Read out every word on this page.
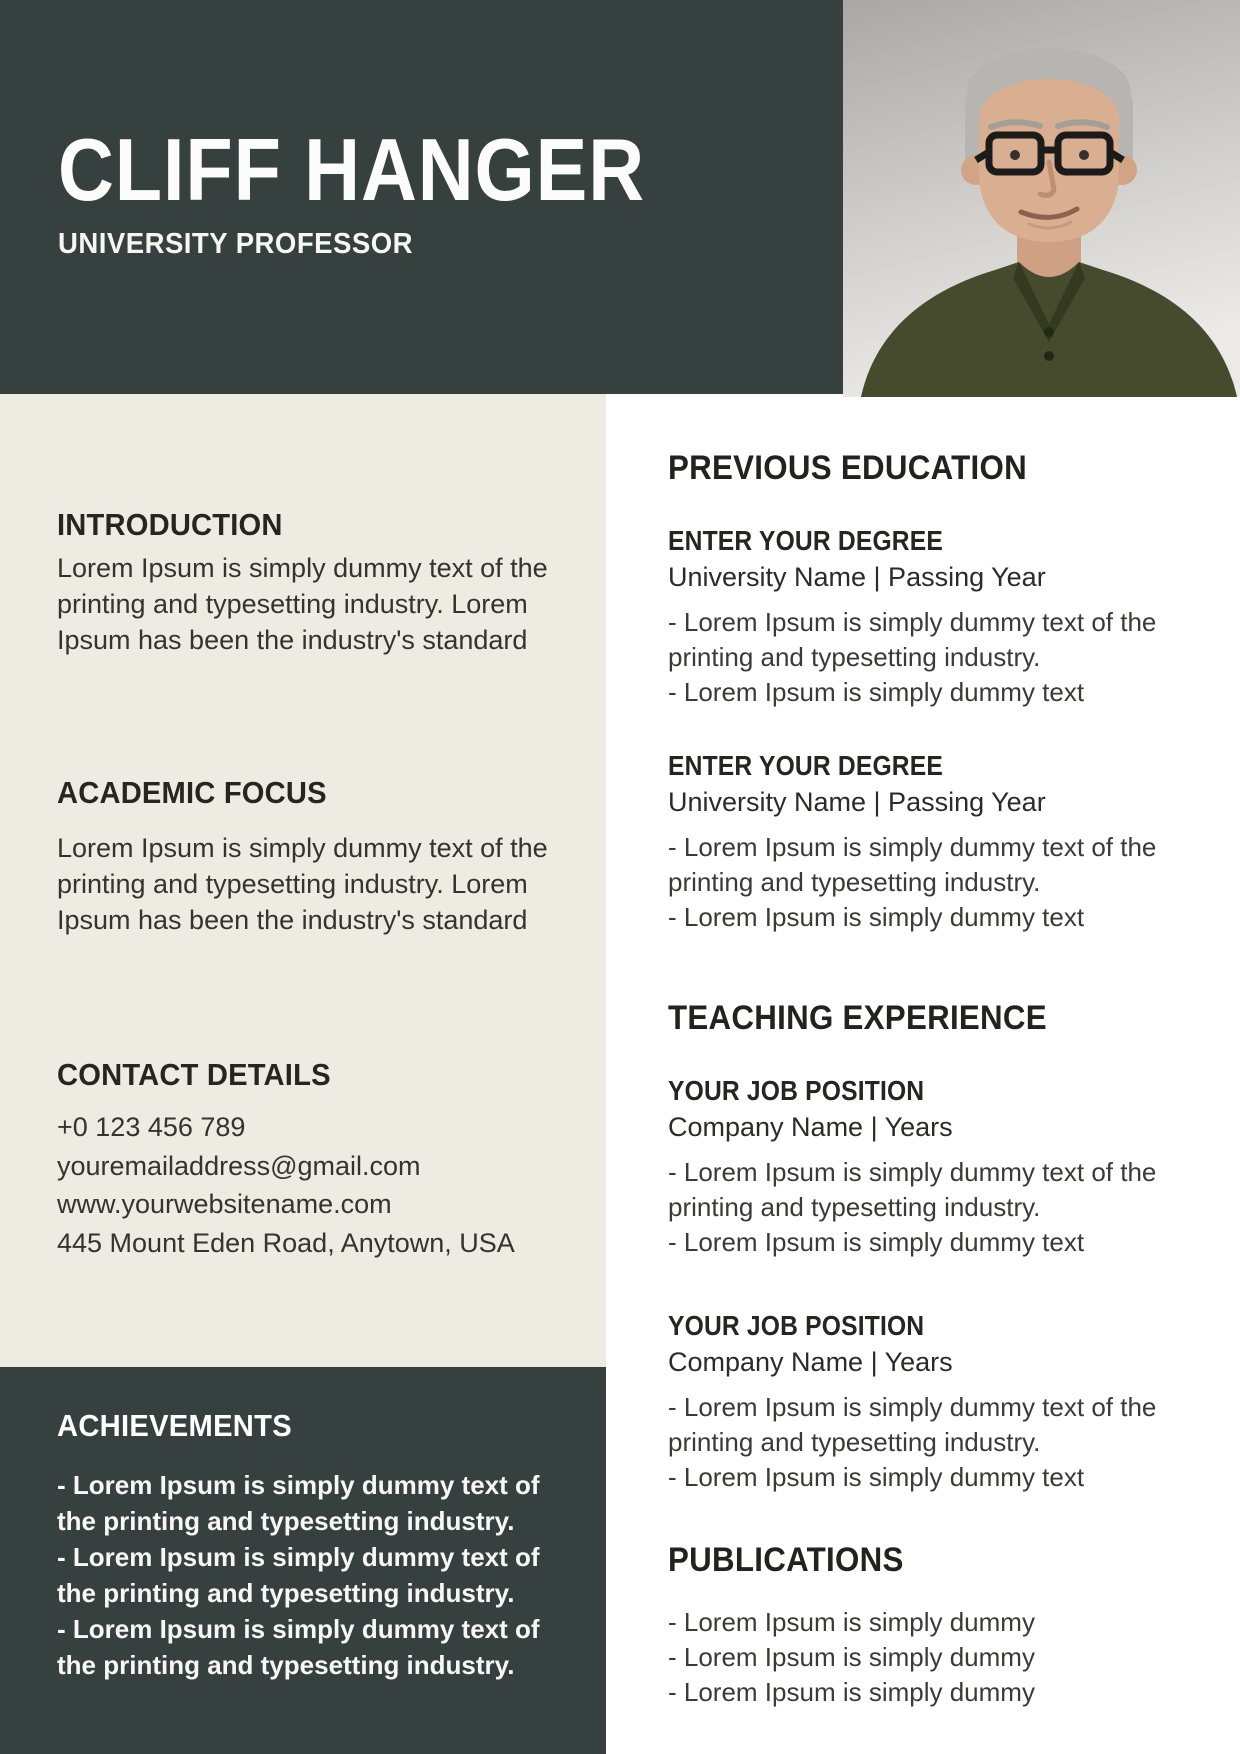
CLIFF HANGER
UNIVERSITY PROFESSOR
INTRODUCTION

Lorem Ipsum is simply dummy text of the printing and typesetting industry. Lorem Ipsum has been the industry's standard

ACADEMIC FOCUS

Lorem Ipsum is simply dummy text of the printing and typesetting industry. Lorem Ipsum has been the industry's standard

CONTACT DETAILS
+0 123 456 789
youremailaddress@gmail.com
www.yourwebsitename.com
445 Mount Eden Road, Anytown, USA
ACHIEVEMENTS
- Lorem Ipsum is simply dummy text of the printing and typesetting industry.
- Lorem Ipsum is simply dummy text of the printing and typesetting industry.
- Lorem Ipsum is simply dummy text of the printing and typesetting industry.
PREVIOUS EDUCATION
ENTER YOUR DEGREE
University Name | Passing Year
- Lorem Ipsum is simply dummy text of the printing and typesetting industry.
- Lorem Ipsum is simply dummy text
ENTER YOUR DEGREE
University Name | Passing Year
- Lorem Ipsum is simply dummy text of the printing and typesetting industry.
- Lorem Ipsum is simply dummy text
TEACHING EXPERIENCE
YOUR JOB POSITION
Company Name | Years
- Lorem Ipsum is simply dummy text of the printing and typesetting industry.
- Lorem Ipsum is simply dummy text
YOUR JOB POSITION
Company Name | Years
- Lorem Ipsum is simply dummy text of the printing and typesetting industry.
- Lorem Ipsum is simply dummy text
PUBLICATIONS
- Lorem Ipsum is simply dummy
- Lorem Ipsum is simply dummy
- Lorem Ipsum is simply dummy
